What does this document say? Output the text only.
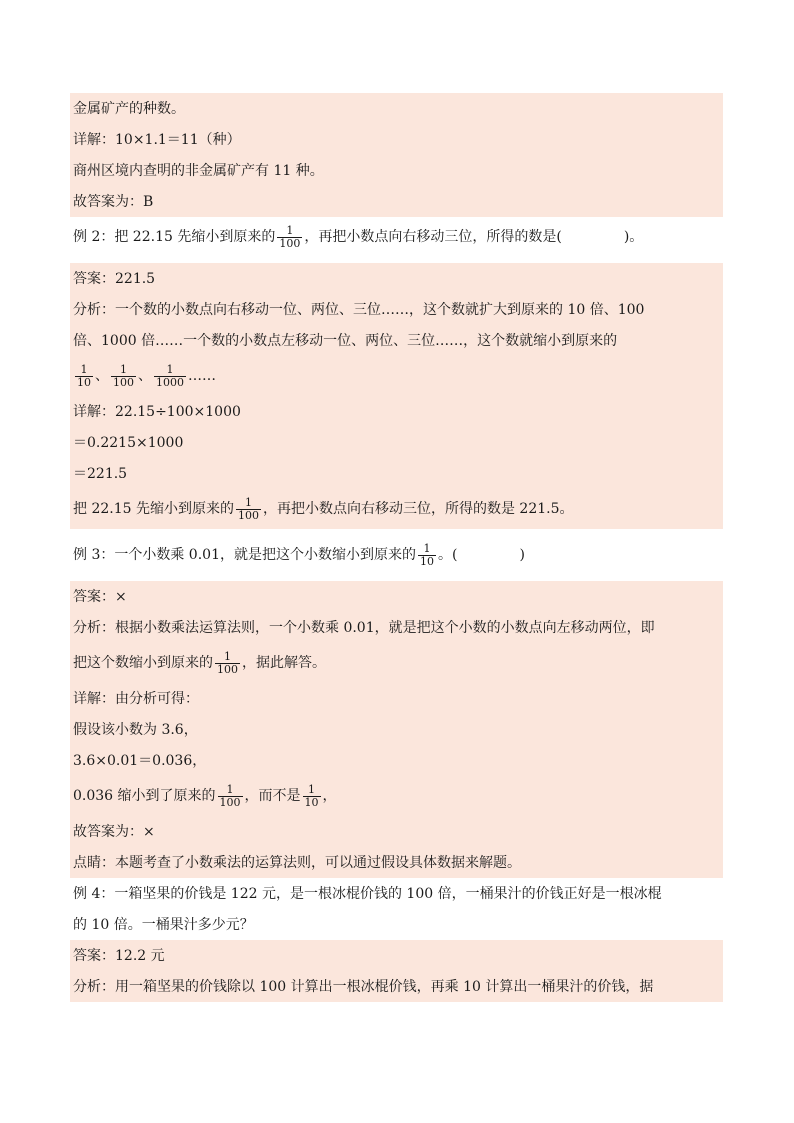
金属矿产的种数。
详解：10×1.1＝11（种）
商州区境内查明的非金属矿产有 11 种。
故答案为：B
例 2：把 22.15 先缩小到原来的 $\frac{1}{100}$ ，再把小数点向右移动三位，所得的数是(	)。
答案：221.5
分析：一个数的小数点向右移动一位、两位、三位……，这个数就扩大到原来的 10 倍、100
倍、1000 倍……一个数的小数点左移动一位、两位、三位……，这个数就缩小到原来的
$\frac{1}{10}$ 、 $\frac{1}{100}$ 、 $\frac{1}{1000}$ ……
详解：22.15÷100×1000
＝0.2215×1000
＝221.5
把 22.15 先缩小到原来的 $\frac{1}{100}$ ，再把小数点向右移动三位，所得的数是 221.5。
例 3：一个小数乘 0.01，就是把这个小数缩小到原来的 $\frac{1}{10}$ 。(	)
答案：×
分析：根据小数乘法运算法则，一个小数乘 0.01，就是把这个小数的小数点向左移动两位，即
把这个数缩小到原来的 $\frac{1}{100}$ ，据此解答。
详解：由分析可得：
假设该小数为 3.6，
3.6×0.01＝0.036，
0.036 缩小到了原来的 $\frac{1}{100}$ ，而不是 $\frac{1}{10}$ ，
故答案为：×
点睛：本题考查了小数乘法的运算法则，可以通过假设具体数据来解题。
例 4：一箱坚果的价钱是 122 元，是一根冰棍价钱的 100 倍，一桶果汁的价钱正好是一根冰棍
的 10 倍。一桶果汁多少元？
答案：12.2 元
分析：用一箱坚果的价钱除以 100 计算出一根冰棍价钱，再乘 10 计算出一桶果汁的价钱，据
